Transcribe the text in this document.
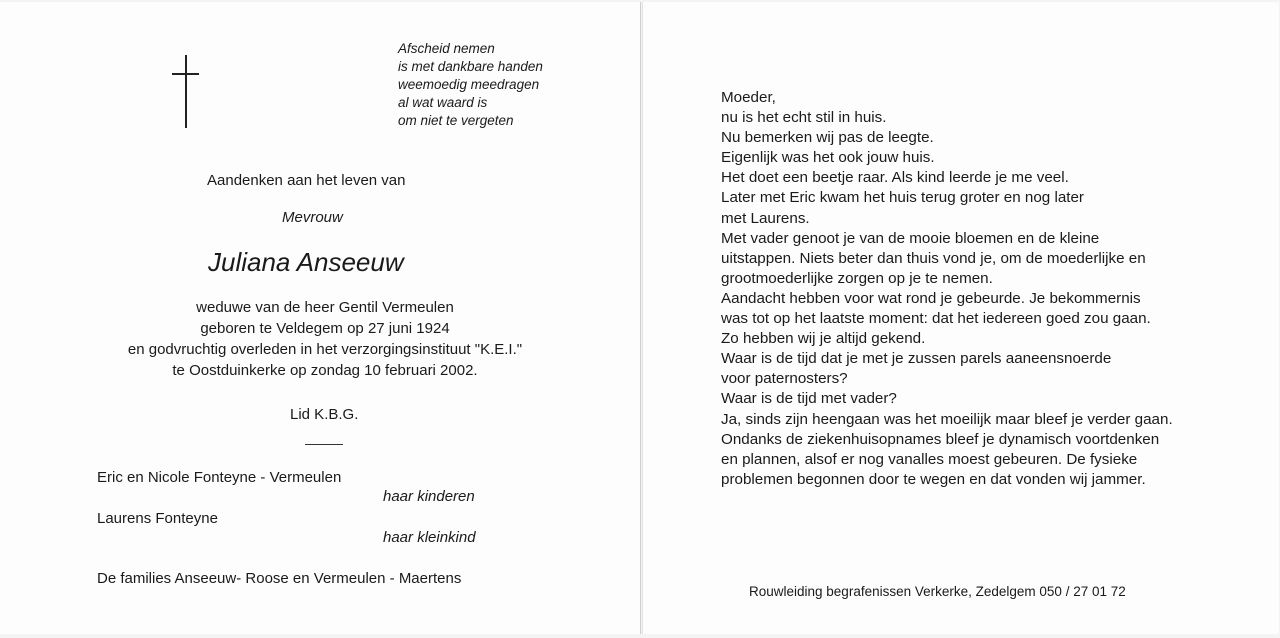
Afscheid nemen
is met dankbare handen
weemoedig meedragen
al wat waard is
om niet te vergeten
Aandenken aan het leven van
Mevrouw
Juliana Anseeuw
weduwe van de heer Gentil Vermeulen
geboren te Veldegem op 27 juni 1924
en godvruchtig overleden in het verzorgingsinstituut "K.E.I."
te Oostduinkerke op zondag 10 februari 2002.
Lid K.B.G.
Eric en Nicole Fonteyne - Vermeulen
haar kinderen
Laurens Fonteyne
haar kleinkind
De families Anseeuw- Roose en Vermeulen - Maertens
Moeder,
nu is het echt stil in huis.
Nu bemerken wij pas de leegte.
Eigenlijk was het ook jouw huis.
Het doet een beetje raar. Als kind leerde je me veel.
Later met Eric kwam het huis terug groter en nog later
met Laurens.
Met vader genoot je van de mooie bloemen en de kleine
uitstappen. Niets beter dan thuis vond je, om de moederlijke en
grootmoederlijke zorgen op je te nemen.
Aandacht hebben voor wat rond je gebeurde. Je bekommernis
was tot op het laatste moment: dat het iedereen goed zou gaan.
Zo hebben wij je altijd gekend.
Waar is de tijd dat je met je zussen parels aaneensnoerde
voor paternosters?
Waar is de tijd met vader?
Ja, sinds zijn heengaan was het moeilijk maar bleef je verder gaan.
Ondanks de ziekenhuisopnames bleef je dynamisch voortdenken
en plannen, alsof er nog vanalles moest gebeuren. De fysieke
problemen begonnen door te wegen en dat vonden wij jammer.
Rouwleiding begrafenissen Verkerke, Zedelgem 050 / 27 01 72
